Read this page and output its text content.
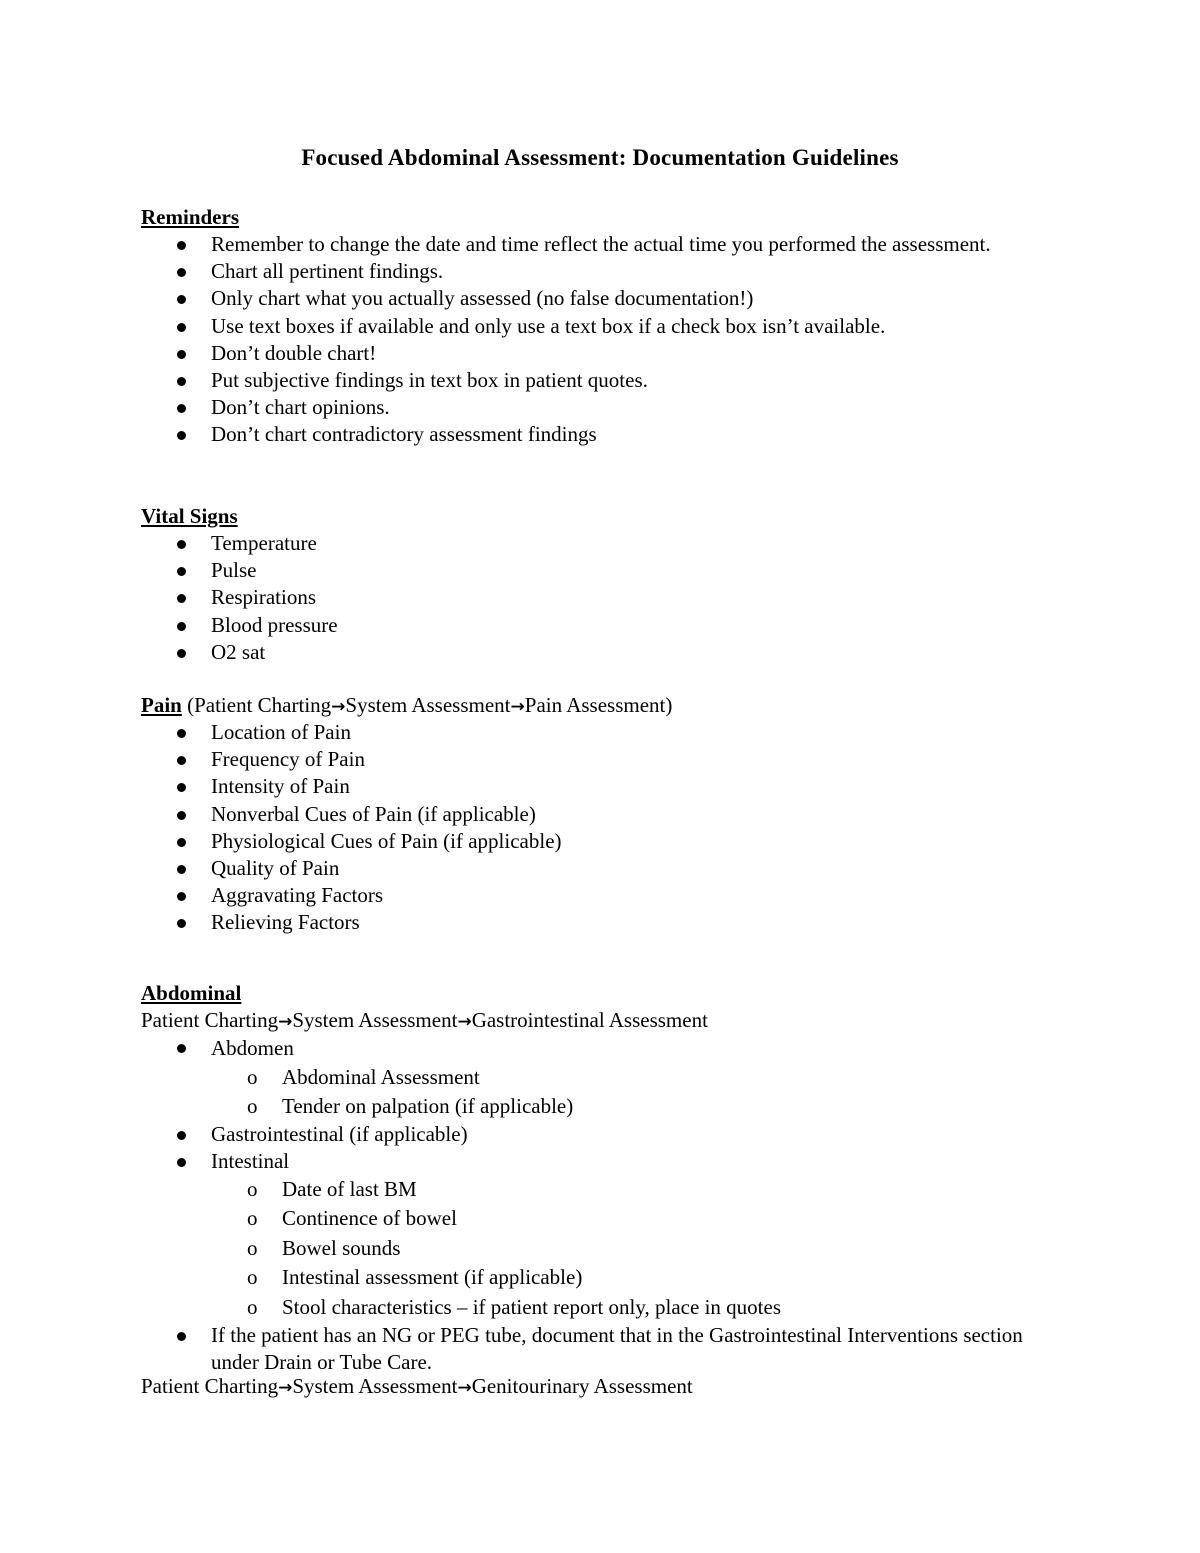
Focused Abdominal Assessment: Documentation Guidelines
Reminders
Remember to change the date and time reflect the actual time you performed the assessment.
Chart all pertinent findings.
Only chart what you actually assessed (no false documentation!)
Use text boxes if available and only use a text box if a check box isn’t available.
Don’t double chart!
Put subjective findings in text box in patient quotes.
Don’t chart opinions.
Don’t chart contradictory assessment findings
Vital Signs
Temperature
Pulse
Respirations
Blood pressure
O2 sat
Pain (Patient Charting→System Assessment→Pain Assessment)
Location of Pain
Frequency of Pain
Intensity of Pain
Nonverbal Cues of Pain (if applicable)
Physiological Cues of Pain (if applicable)
Quality of Pain
Aggravating Factors
Relieving Factors
Abdominal
Patient Charting→System Assessment→Gastrointestinal Assessment
Abdomen
o Abdominal Assessment
o Tender on palpation (if applicable)
Gastrointestinal (if applicable)
Intestinal
o Date of last BM
o Continence of bowel
o Bowel sounds
o Intestinal assessment (if applicable)
o Stool characteristics – if patient report only, place in quotes
If the patient has an NG or PEG tube, document that in the Gastrointestinal Interventions section under Drain or Tube Care.
Patient Charting→System Assessment→Genitourinary Assessment
